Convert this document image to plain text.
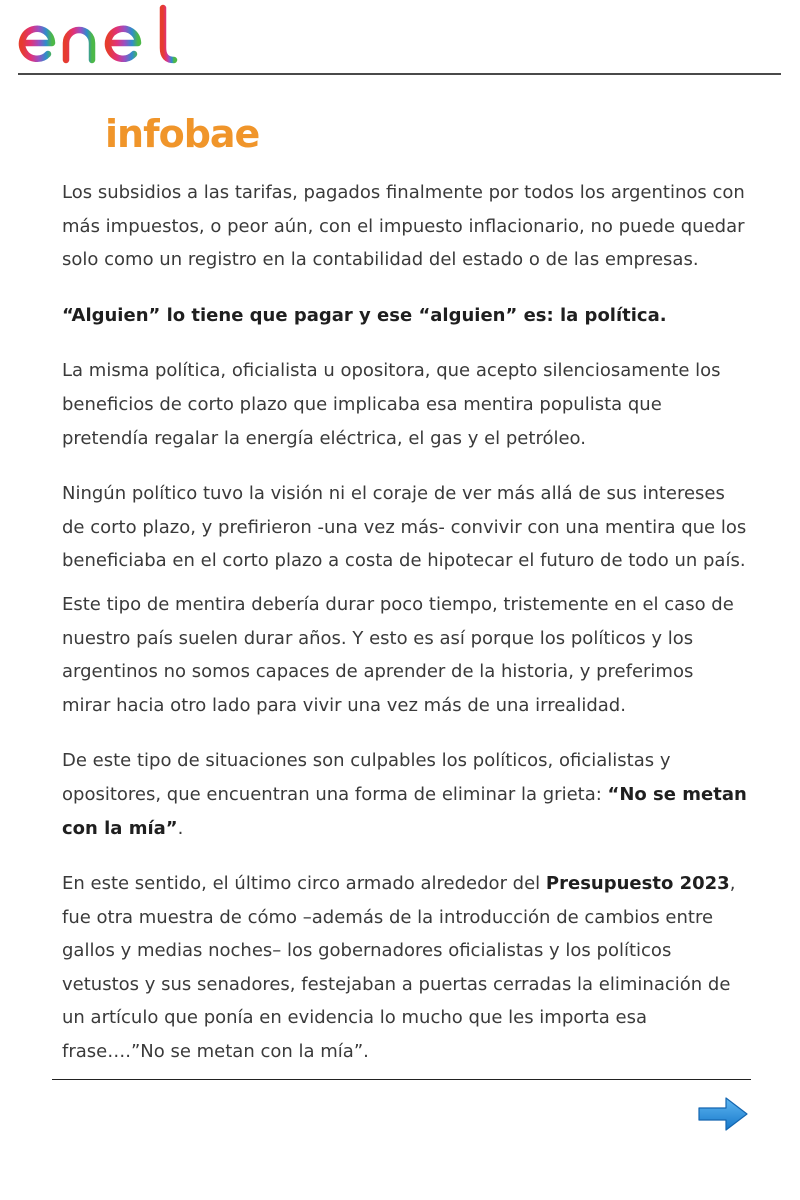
infobae

Los subsidios a las tarifas, pagados finalmente por todos los argentinos con más impuestos, o peor aún, con el impuesto inflacionario, no puede quedar solo como un registro en la contabilidad del estado o de las empresas.

“Alguien” lo tiene que pagar y ese “alguien” es: la política.

La misma política, oficialista u opositora, que acepto silenciosamente los beneficios de corto plazo que implicaba esa mentira populista que pretendía regalar la energía eléctrica, el gas y el petróleo.

Ningún político tuvo la visión ni el coraje de ver más allá de sus intereses de corto plazo, y prefirieron -una vez más- convivir con una mentira que los beneficiaba en el corto plazo a costa de hipotecar el futuro de todo un país.

Este tipo de mentira debería durar poco tiempo, tristemente en el caso de nuestro país suelen durar años. Y esto es así porque los políticos y los argentinos no somos capaces de aprender de la historia, y preferimos mirar hacia otro lado para vivir una vez más de una irrealidad.

De este tipo de situaciones son culpables los políticos, oficialistas y opositores, que encuentran una forma de eliminar la grieta: “No se metan con la mía”.

En este sentido, el último circo armado alrededor del Presupuesto 2023, fue otra muestra de cómo –además de la introducción de cambios entre gallos y medias noches– los gobernadores oficialistas y los políticos vetustos y sus senadores, festejaban a puertas cerradas la eliminación de un artículo que ponía en evidencia lo mucho que les importa esa frase….”No se metan con la mía”.
